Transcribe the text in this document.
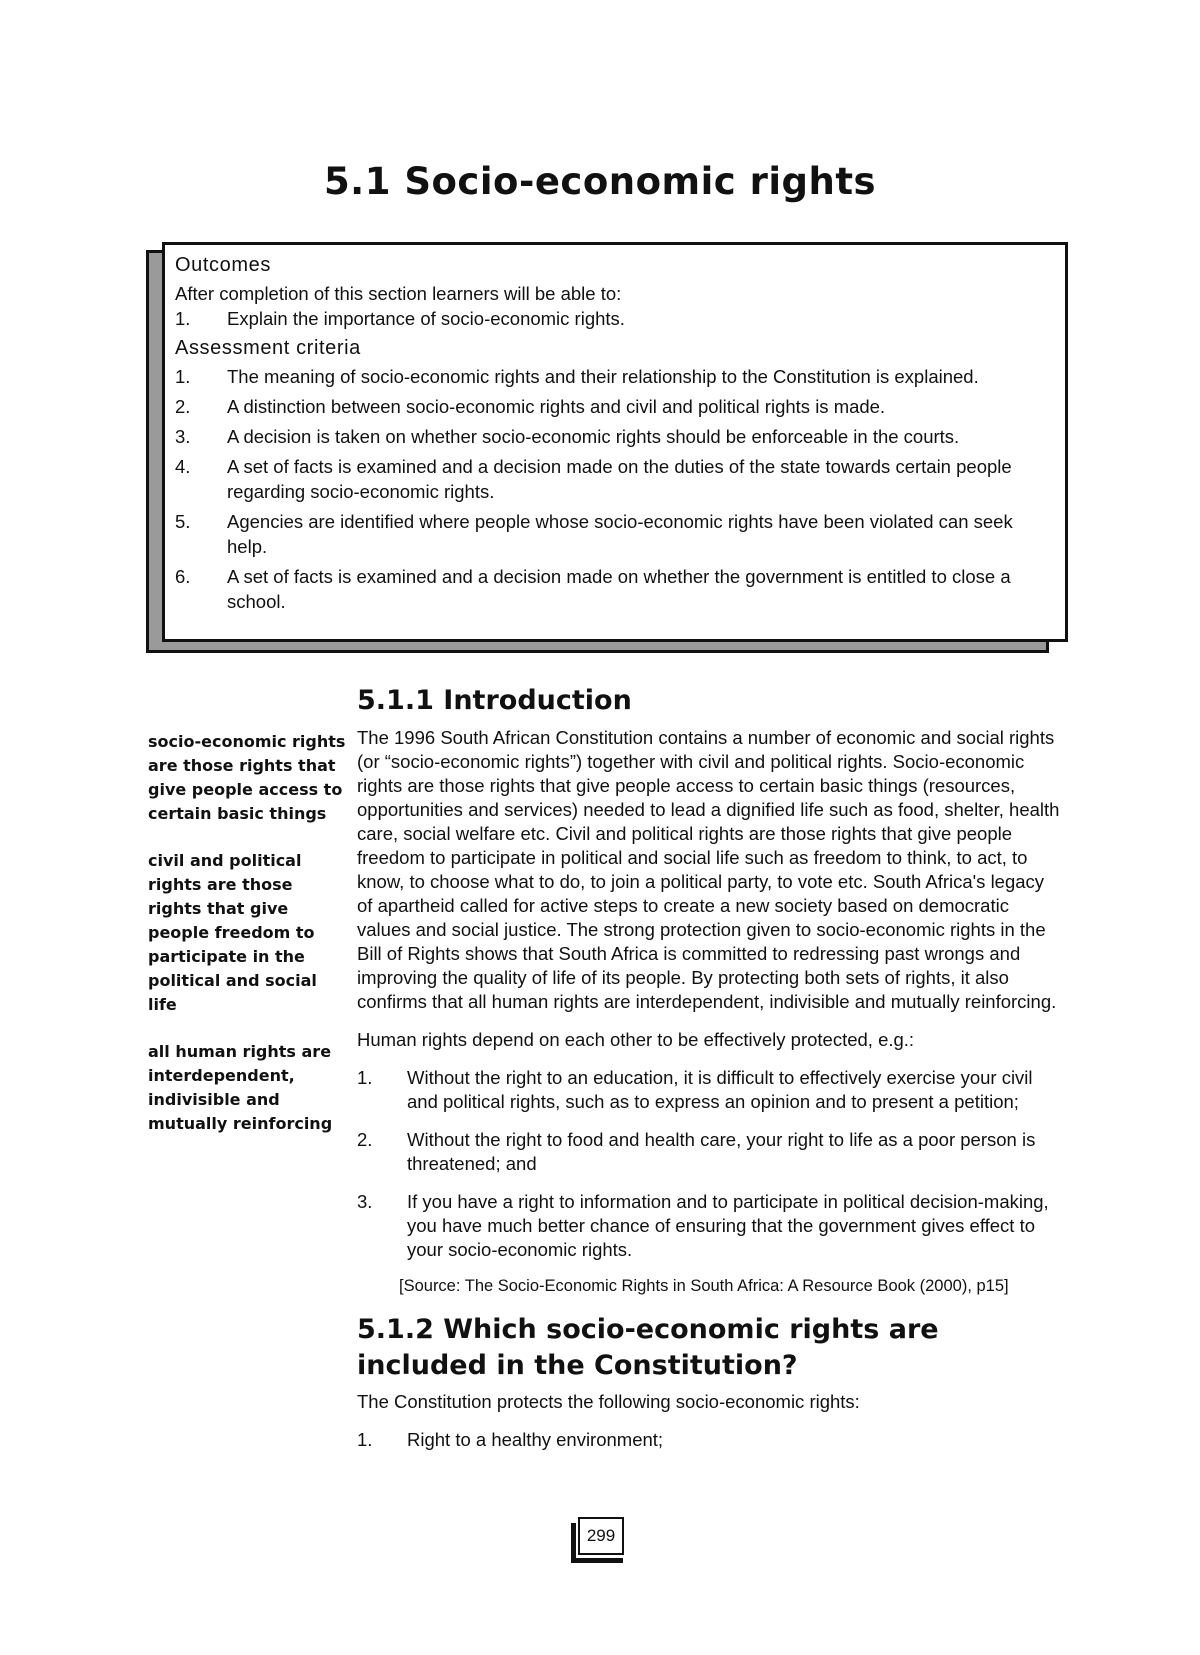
5.1 Socio-economic rights
Outcomes
After completion of this section learners will be able to:
1.	Explain the importance of socio-economic rights.
Assessment criteria
1.	The meaning of socio-economic rights and their relationship to the Constitution is explained.
2.	A distinction between socio-economic rights and civil and political rights is made.
3.	A decision is taken on whether socio-economic rights should be enforceable in the courts.
4.	A set of facts is examined and a decision made on the duties of the state towards certain people regarding socio-economic rights.
5.	Agencies are identified where people whose socio-economic rights have been violated can seek help.
6.	A set of facts is examined and a decision made on whether the government is entitled to close a school.

socio-economic rights are those rights that give people access to certain basic things

civil and political rights are those rights that give people freedom to participate in the political and social life

all human rights are interdependent, indivisible and mutually reinforcing

5.1.1 Introduction

The 1996 South African Constitution contains a number of economic and social rights (or “socio-economic rights”) together with civil and political rights. Socio-economic rights are those rights that give people access to certain basic things (resources, opportunities and services) needed to lead a dignified life such as food, shelter, health care, social welfare etc. Civil and political rights are those rights that give people freedom to participate in political and social life such as freedom to think, to act, to know, to choose what to do, to join a political party, to vote etc. South Africa's legacy of apartheid called for active steps to create a new society based on democratic values and social justice. The strong protection given to socio-economic rights in the Bill of Rights shows that South Africa is committed to redressing past wrongs and improving the quality of life of its people. By protecting both sets of rights, it also confirms that all human rights are interdependent, indivisible and mutually reinforcing.

Human rights depend on each other to be effectively protected, e.g.:

1.	Without the right to an education, it is difficult to effectively exercise your civil and political rights, such as to express an opinion and to present a petition;
2.	Without the right to food and health care, your right to life as a poor person is threatened; and
3.	If you have a right to information and to participate in political decision-making, you have much better chance of ensuring that the government gives effect to your socio-economic rights.
[Source: The Socio-Economic Rights in South Africa: A Resource Book (2000), p15]
5.1.2 Which socio-economic rights are included in the Constitution?

The Constitution protects the following socio-economic rights:

1.	Right to a healthy environment;
299
